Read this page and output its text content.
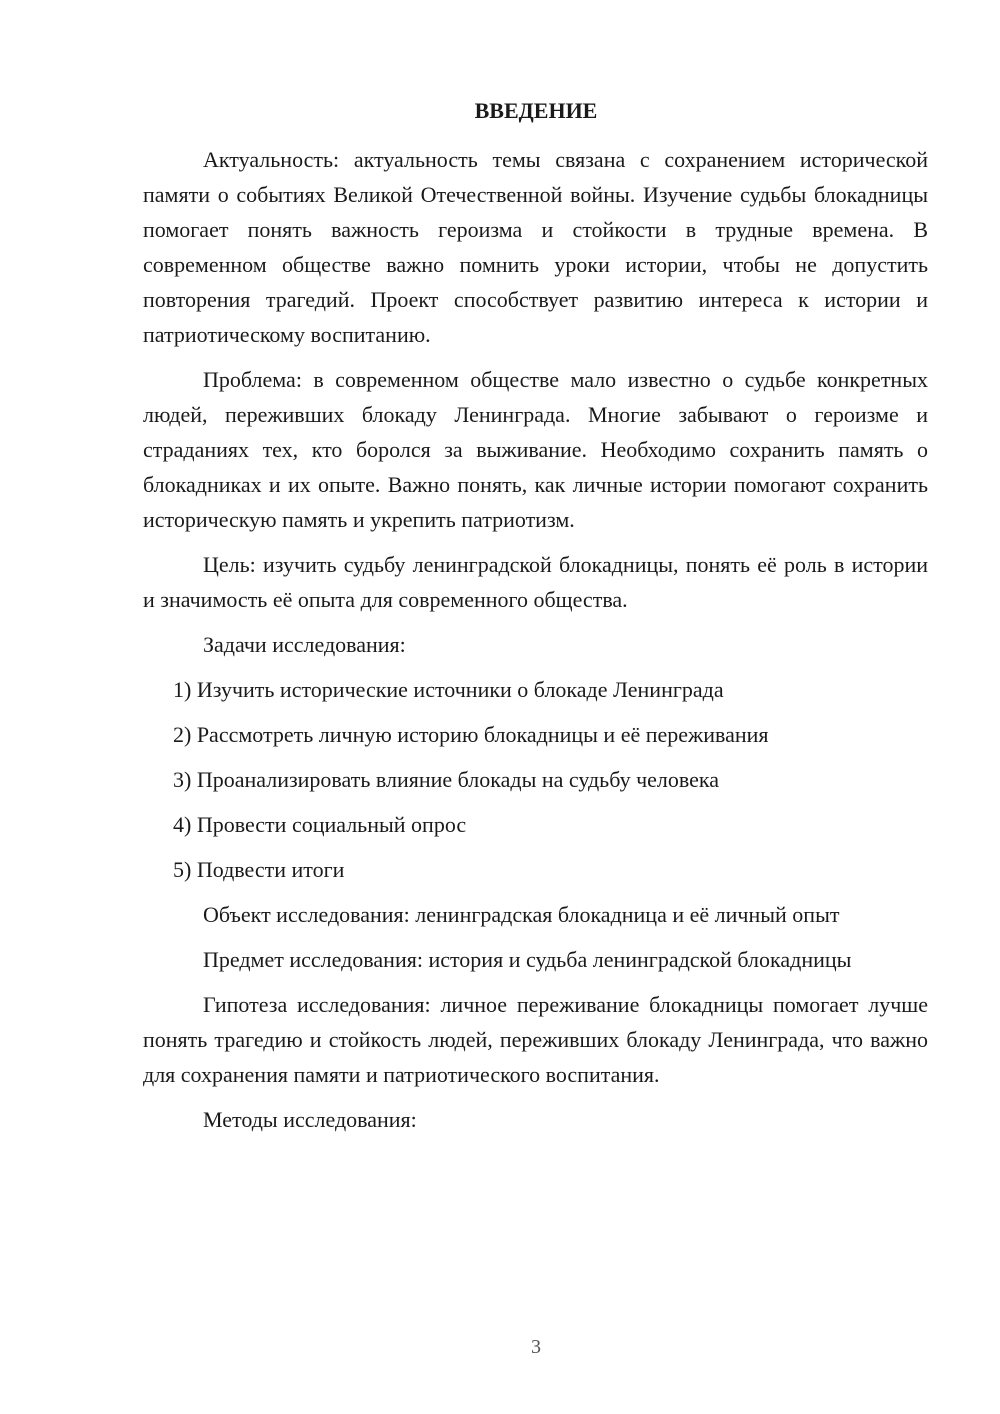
ВВЕДЕНИЕ

Актуальность: актуальность темы связана с сохранением исторической памяти о событиях Великой Отечественной войны. Изучение судьбы блокадницы помогает понять важность героизма и стойкости в трудные времена. В современном обществе важно помнить уроки истории, чтобы не допустить повторения трагедий. Проект способствует развитию интереса к истории и патриотическому воспитанию.

Проблема: в современном обществе мало известно о судьбе конкретных людей, переживших блокаду Ленинграда. Многие забывают о героизме и страданиях тех, кто боролся за выживание. Необходимо сохранить память о блокадниках и их опыте. Важно понять, как личные истории помогают сохранить историческую память и укрепить патриотизм.

Цель: изучить судьбу ленинградской блокадницы, понять её роль в истории и значимость её опыта для современного общества.

Задачи исследования:

1) Изучить исторические источники о блокаде Ленинграда

2) Рассмотреть личную историю блокадницы и её переживания

3) Проанализировать влияние блокады на судьбу человека

4) Провести социальный опрос

5) Подвести итоги

Объект исследования: ленинградская блокадница и её личный опыт

Предмет исследования: история и судьба ленинградской блокадницы

Гипотеза исследования: личное переживание блокадницы помогает лучше понять трагедию и стойкость людей, переживших блокаду Ленинграда, что важно для сохранения памяти и патриотического воспитания.

Методы исследования:

3
